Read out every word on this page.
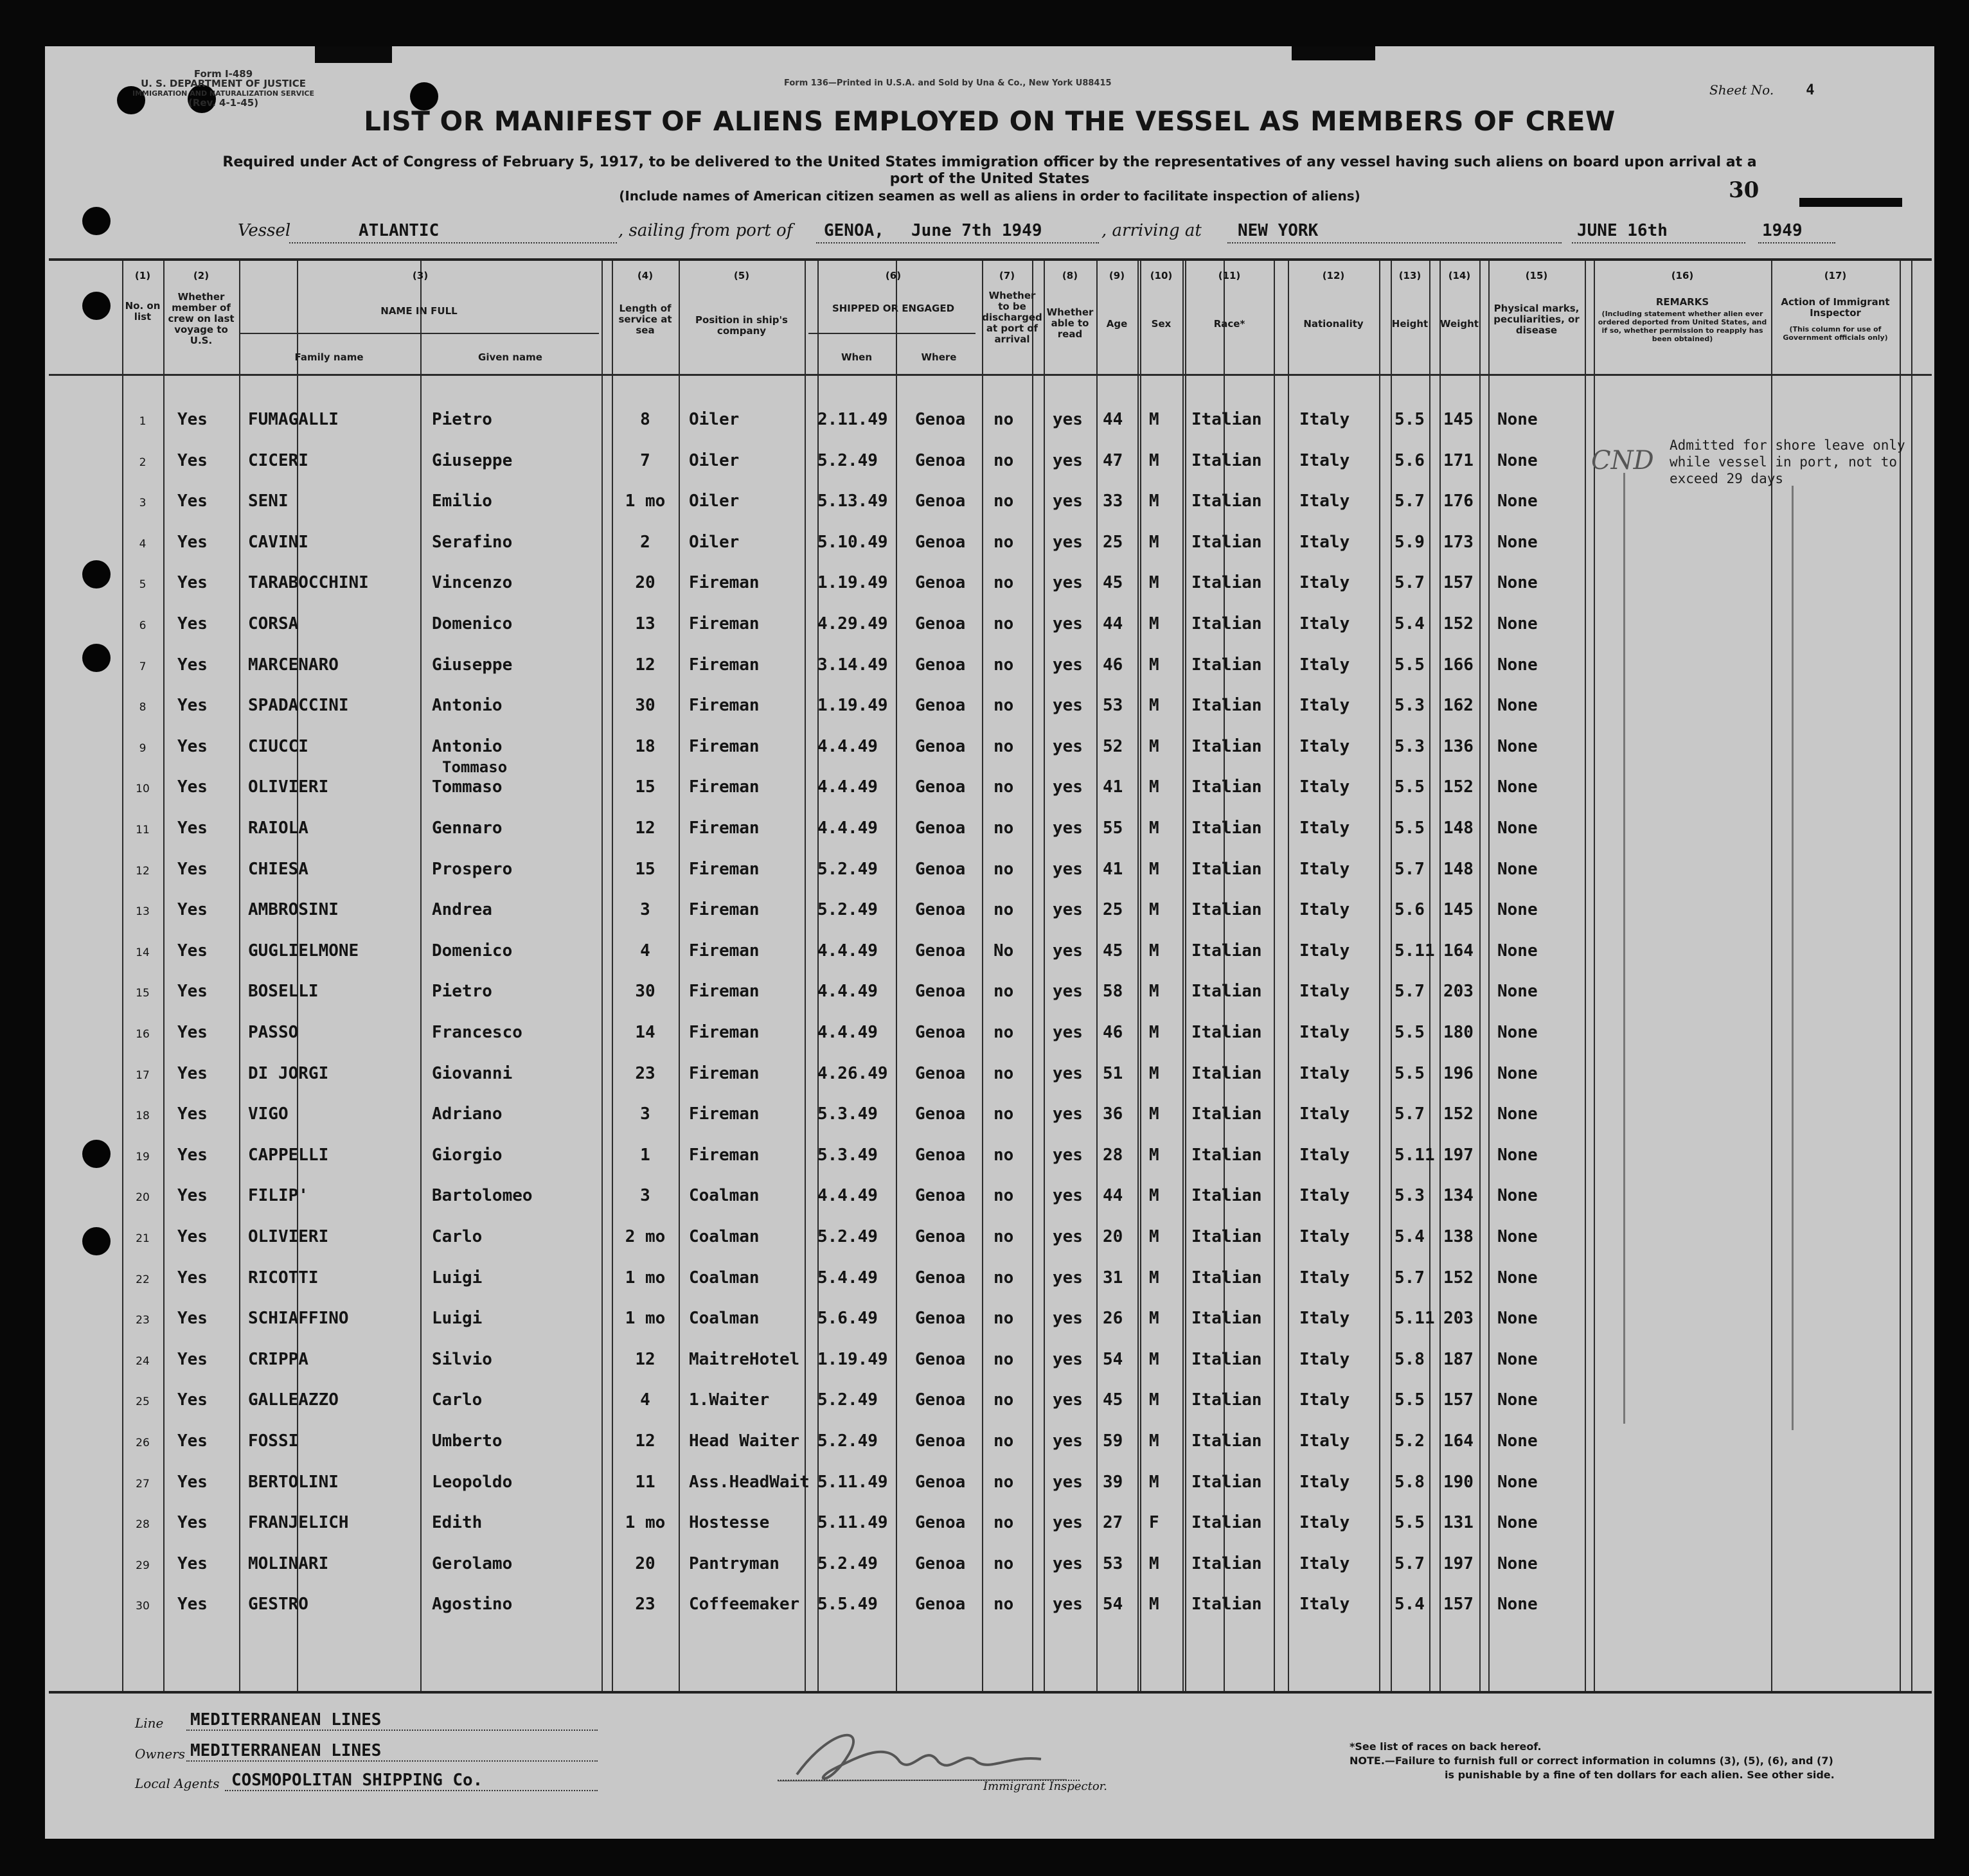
Form I-489
U. S. DEPARTMENT OF JUSTICE
IMMIGRATION AND NATURALIZATION SERVICE
(Rev. 4-1-45)
Form 136—Printed in U.S.A. and Sold by Una & Co., New York U88415	Sheet No. 4
LIST OR MANIFEST OF ALIENS EMPLOYED ON THE VESSEL AS MEMBERS OF CREW
Required under Act of Congress of February 5, 1917, to be delivered to the United States immigration officer by the representatives of any vessel having such aliens on board upon arrival at a
port of the United States
(Include names of American citizen seamen as well as aliens in order to facilitate inspection of aliens)	30
Vessel	ATLANTIC	, sailing from port of GENOA, June 7th 1949	, arriving at NEW YORK	JUNE 16th	1949
(1)	(2)	(3)	(4)	(5)	(6)	(7)	(8)	(9)	(10)	(11)	(12)	(13)	(14)	(15)	(16)	(17)
No. on list
Whether member of crew on last voyage to U.S.
NAME IN FULL
Family name	Given name
Length of service at sea
Position in ship's company
SHIPPED OR ENGAGED
When	Where
Whether to be discharged at port of arrival
Whether able to read
Age	Sex	Race*	Nationality	Height Weight
Physical marks, peculiarities, or disease
REMARKS
(Including statement whether alien ever ordered deported from United States, and if so, whether permission to reapply has been obtained)
Action of Immigrant Inspector
(This column for use of Government officials only)
1	Yes FUMAGALLI	Pietro	8	Oiler	2.11.49 Genoa no yes 44 M Italian Italy	5.5 145 None
2	Yes CICERI	Giuseppe	7	Oiler	5.2.49 Genoa no yes 47 M Italian Italy	5.6 171 None
3	Yes SENI	Emilio	1 mo	Oiler	5.13.49 Genoa no yes 33 M Italian Italy	5.7 176 None
4	Yes CAVINI	Serafino	2	Oiler	5.10.49 Genoa no yes 25 M Italian Italy	5.9 173 None
5	Yes TARABOCCHINI	Vincenzo	20	Fireman	1.19.49 Genoa no yes 45 M Italian Italy	5.7 157 None
6	Yes CORSA	Domenico	13	Fireman	4.29.49 Genoa no yes 44 M Italian Italy	5.4 152 None
7	Yes MARCENARO	Giuseppe	12	Fireman	3.14.49 Genoa no yes 46 M Italian Italy	5.5 166 None
8	Yes SPADACCINI	Antonio	30	Fireman	1.19.49 Genoa no yes 53 M Italian Italy	5.3 162 None
9	Yes CIUCCI	Antonio	18	Fireman	4.4.49 Genoa no yes 52 M Italian Italy	5.3 136 None
10	Yes OLIVIERI	Tommaso	15	Fireman	4.4.49 Genoa no yes 41 M Italian Italy	5.5 152 None
Tommaso
11	Yes RAIOLA	Gennaro	12	Fireman	4.4.49 Genoa no yes 55 M Italian Italy	5.5 148 None
12	Yes CHIESA	Prospero	15	Fireman	5.2.49 Genoa no yes 41 M Italian Italy	5.7 148 None
13	Yes AMBROSINI	Andrea	3	Fireman	5.2.49 Genoa no yes 25 M Italian Italy	5.6 145 None
14	Yes GUGLIELMONE	Domenico	4	Fireman	4.4.49 Genoa No yes 45 M Italian Italy	5.11 164 None
15	Yes BOSELLI	Pietro	30	Fireman	4.4.49 Genoa no yes 58 M Italian Italy	5.7 203 None
16	Yes PASSO	Francesco	14	Fireman	4.4.49 Genoa no yes 46 M Italian Italy	5.5 180 None
17	Yes DI JORGI	Giovanni	23	Fireman	4.26.49 Genoa no yes 51 M Italian Italy	5.5 196 None
18	Yes VIGO	Adriano	3	Fireman	5.3.49 Genoa no yes 36 M Italian Italy	5.7 152 None
19	Yes CAPPELLI	Giorgio	1	Fireman	5.3.49 Genoa no yes 28 M Italian Italy	5.11 197 None
20	Yes FILIP'	Bartolomeo	3	Coalman	4.4.49 Genoa no yes 44 M Italian Italy	5.3 134 None
21	Yes OLIVIERI	Carlo	2 mo	Coalman	5.2.49 Genoa no yes 20 M Italian Italy	5.4 138 None
22	Yes RICOTTI	Luigi	1 mo	Coalman	5.4.49 Genoa no yes 31 M Italian Italy	5.7 152 None
23	Yes SCHIAFFINO	Luigi	1 mo	Coalman	5.6.49 Genoa no yes 26 M Italian Italy	5.11 203 None
24	Yes CRIPPA	Silvio	12	MaitreHotel 1.19.49 Genoa no yes 54 M Italian Italy	5.8 187 None
25	Yes GALLEAZZO	Carlo	4	1.Waiter	5.2.49 Genoa no yes 45 M Italian Italy	5.5 157 None
26	Yes FOSSI	Umberto	12	Head Waiter 5.2.49 Genoa no yes 59 M Italian Italy	5.2 164 None
27	Yes BERTOLINI	Leopoldo	11	Ass.HeadWait 5.11.49 Genoa no yes 39 M Italian Italy	5.8 190 None
28	Yes FRANJELICH	Edith	1 mo	Hostesse	5.11.49 Genoa no yes 27 F Italian Italy	5.5 131 None
29	Yes MOLINARI	Gerolamo	20	Pantryman 5.2.49 Genoa no yes 53 M Italian Italy	5.7 197 None
30	Yes GESTRO	Agostino	23	Coffeemaker 5.5.49 Genoa no yes 54 M Italian Italy	5.4 157 None
CND
Admitted for shore leave only
while vessel in port, not to
exceed 29 days
Line MEDITERRANEAN LINES
Owners MEDITERRANEAN LINES
Local Agents COSMOPOLITAN SHIPPING Co.	Immigrant Inspector.
*See list of races on back hereof.
NOTE.—Failure to furnish full or correct information in columns (3), (5), (6), and (7)
is punishable by a fine of ten dollars for each alien. See other side.
